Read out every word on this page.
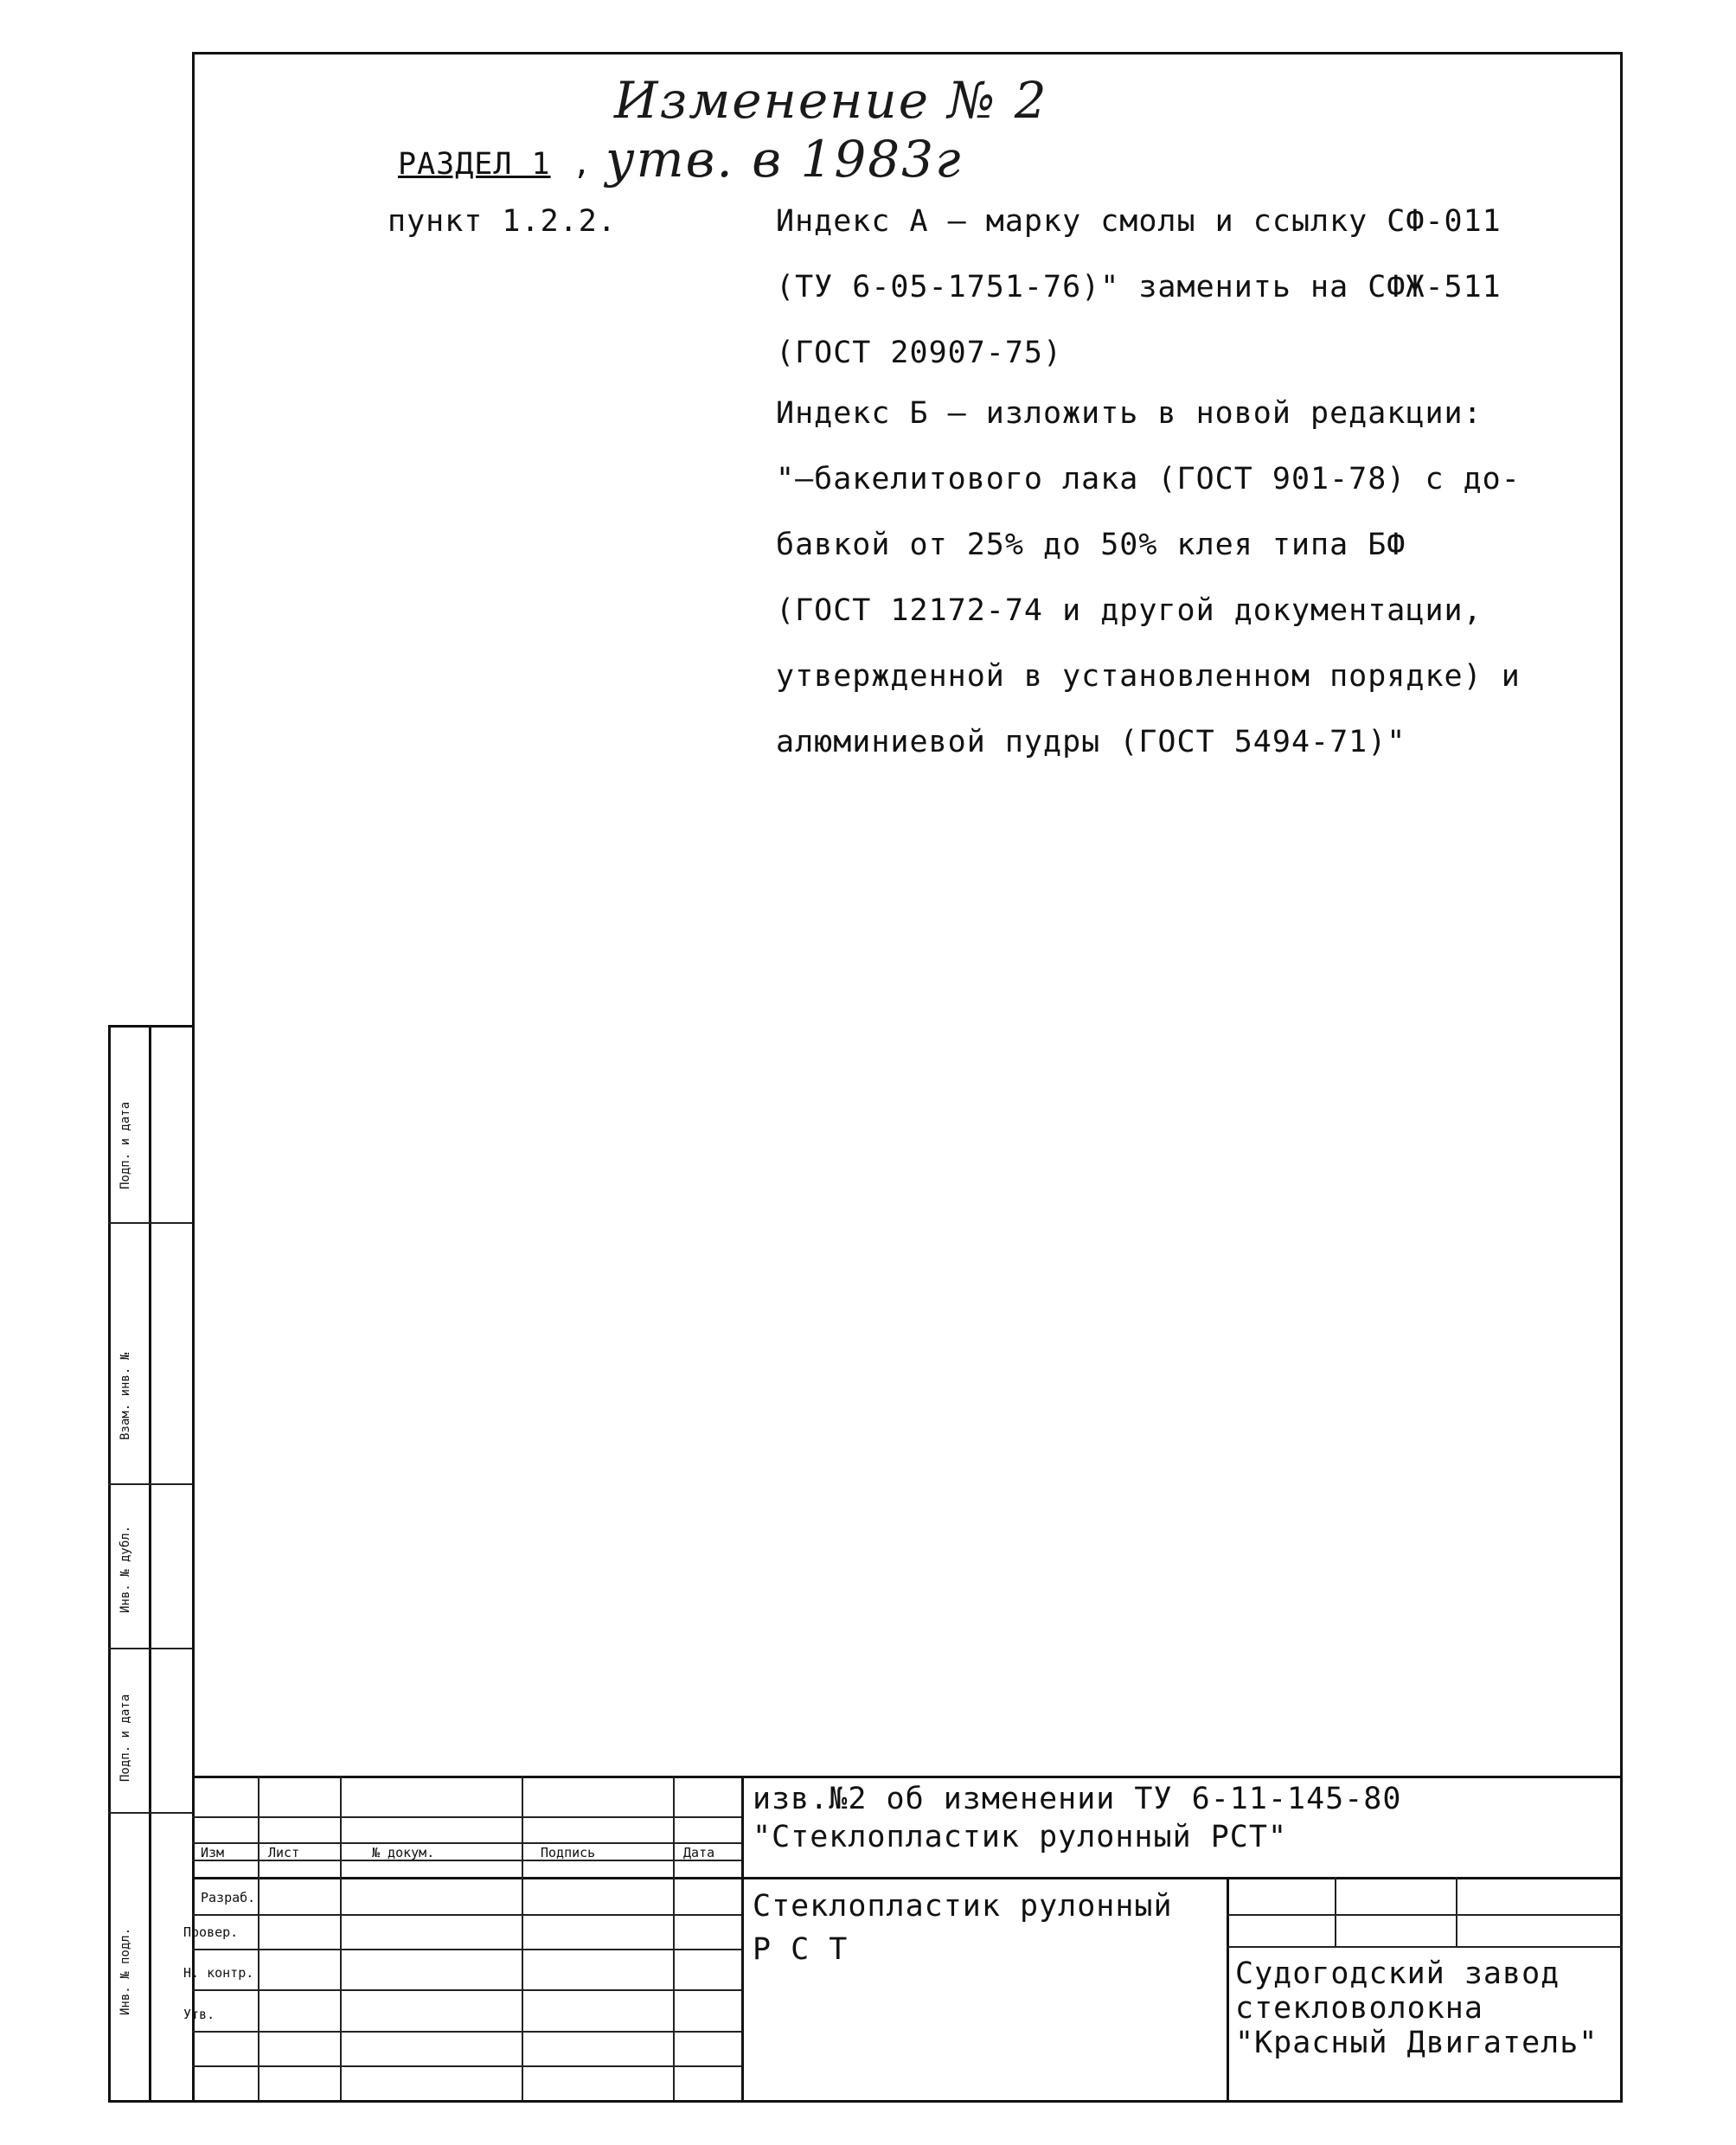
Изменение № 2
утв. в 1983г
РАЗДЕЛ 1 ,
пункт 1.2.2.	Индекс А – марку смолы и ссылку СФ-011
(ТУ 6-05-1751-76)" заменить на СФЖ-511
(ГОСТ 20907-75)
Индекс Б – изложить в новой редакции:
"–бакелитового лака (ГОСТ 901-78) с до-
бавкой от 25% до 50% клея типа БФ
(ГОСТ 12172-74 и другой документации,
утвержденной в установленном порядке) и
алюминиевой пудры (ГОСТ 5494-71)"
Подп. и дата
Взам. инв. №
Инв. № дубл.
Подп. и дата
Инв. № подл.
Изм	Лист	№ докум.	Подпись	Дата
Разраб.
Провер.
Н. контр.
Утв.
изв.№2 об изменении ТУ 6-11-145-80
"Стеклопластик рулонный РСТ"
Стеклопластик рулонный
Р С Т
Судогодский завод
стекловолокна
"Красный Двигатель"
